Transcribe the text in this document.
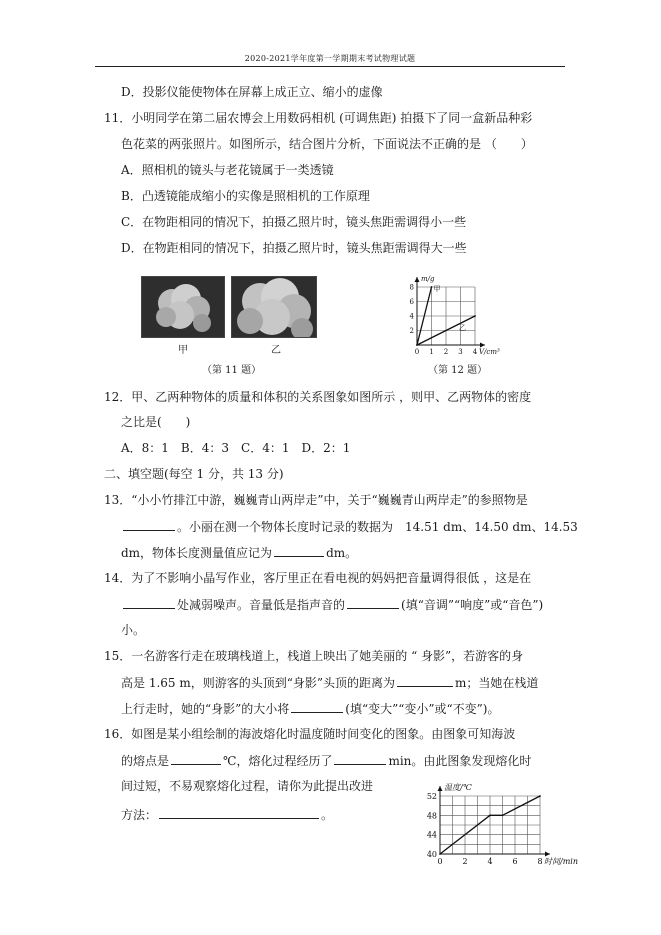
2020-2021学年度第一学期期末考试物理试题
D．投影仪能使物体在屏幕上成正立、缩小的虚像
11．小明同学在第二届农博会上用数码相机 (可调焦距) 拍摄下了同一盒新品种彩
色花菜的两张照片。如图所示，结合图片分析，下面说法不正确的是 （　　）
A．照相机的镜头与老花镜属于一类透镜
B．凸透镜能成缩小的实像是照相机的工作原理
C．在物距相同的情况下，拍摄乙照片时，镜头焦距需调得小一些
D．在物距相同的情况下，拍摄乙照片时，镜头焦距需调得大一些
甲	乙
（第 11 题）
0 1 2 3 4
2
4
6
8
m/g
V/cm³
甲
乙
（第 12 题）
12．甲、乙两种物体的质量和体积的关系图象如图所示 ，则甲、乙两物体的密度
之比是(　　)
A．8：1　B．4：3　C．4：1　D．2：1
二、填空题(每空 1 分，共 13 分)
13．“小小竹排江中游，巍巍青山两岸走”中，关于“巍巍青山两岸走”的参照物是
。小丽在测一个物体长度时记录的数据为　14.51 dm、14.50 dm、14.53
dm，物体长度测量值应记为	dm。
14．为了不影响小晶写作业，客厅里正在看电视的妈妈把音量调得很低 ，这是在
处减弱噪声。音量低是指声音的	(填“音调”“响度”或“音色”)
小。
15．一名游客行走在玻璃栈道上，栈道上映出了她美丽的 “ 身影”，若游客的身
高是 1.65 m，则游客的头顶到“身影”头顶的距离为	m；当她在栈道
上行走时，她的“身影”的大小将	(填“变大”“变小”或“不变”)。
16．如图是某小组绘制的海波熔化时温度随时间变化的图象。由图象可知海波
的熔点是	℃，熔化过程经历了	min。由此图象发现熔化时
间过短，不易观察熔化过程，请你为此提出改进
方法：	。
0 2 4 6 8
40
44
48
52
温度/℃
时间/min
